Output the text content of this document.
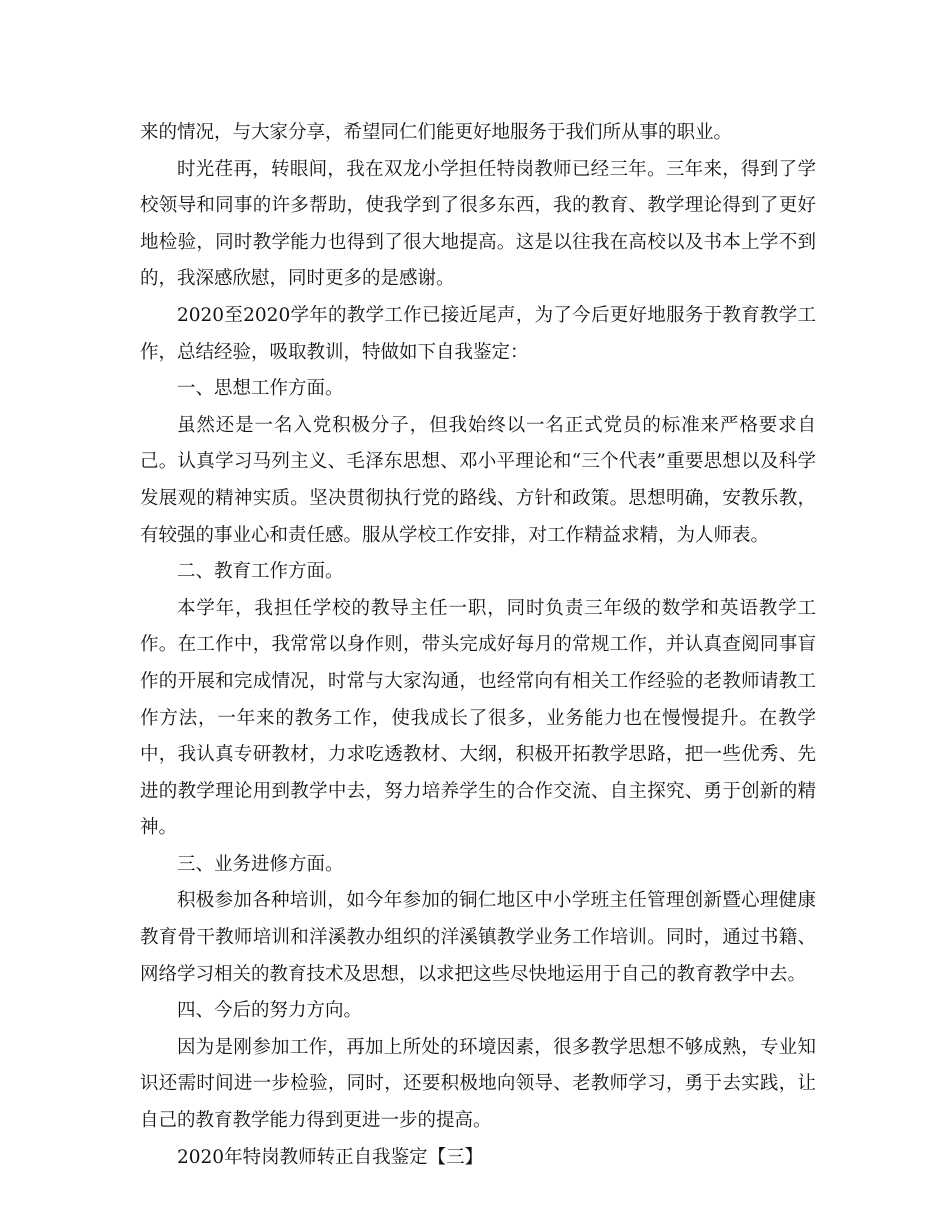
来的情况，与大家分享，希望同仁们能更好地服务于我们所从事的职业。

时光荏再，转眼间，我在双龙小学担任特岗教师已经三年。三年来，得到了学校领导和同事的许多帮助，使我学到了很多东西，我的教育、教学理论得到了更好地检验，同时教学能力也得到了很大地提高。这是以往我在高校以及书本上学不到的，我深感欣慰，同时更多的是感谢。

2020至2020学年的教学工作已接近尾声，为了今后更好地服务于教育教学工作，总结经验，吸取教训，特做如下自我鉴定：

一、思想工作方面。

虽然还是一名入党积极分子，但我始终以一名正式党员的标准来严格要求自己。认真学习马列主义、毛泽东思想、邓小平理论和“三个代表”重要思想以及科学发展观的精神实质。坚决贯彻执行党的路线、方针和政策。思想明确，安教乐教，有较强的事业心和责任感。服从学校工作安排，对工作精益求精，为人师表。

二、教育工作方面。

本学年，我担任学校的教导主任一职，同时负责三年级的数学和英语教学工作。在工作中，我常常以身作则，带头完成好每月的常规工作，并认真查阅同事盲作的开展和完成情况，时常与大家沟通，也经常向有相关工作经验的老教师请教工作方法，一年来的教务工作，使我成长了很多，业务能力也在慢慢提升。在教学中，我认真专研教材，力求吃透教材、大纲，积极开拓教学思路，把一些优秀、先进的教学理论用到教学中去，努力培养学生的合作交流、自主探究、勇于创新的精神。

三、业务进修方面。

积极参加各种培训，如今年参加的铜仁地区中小学班主任管理创新暨心理健康教育骨干教师培训和洋溪教办组织的洋溪镇教学业务工作培训。同时，通过书籍、网络学习相关的教育技术及思想，以求把这些尽快地运用于自己的教育教学中去。

四、今后的努力方向。

因为是刚参加工作，再加上所处的环境因素，很多教学思想不够成熟，专业知识还需时间进一步检验，同时，还要积极地向领导、老教师学习，勇于去实践，让自己的教育教学能力得到更进一步的提高。

2020年特岗教师转正自我鉴定【三】
